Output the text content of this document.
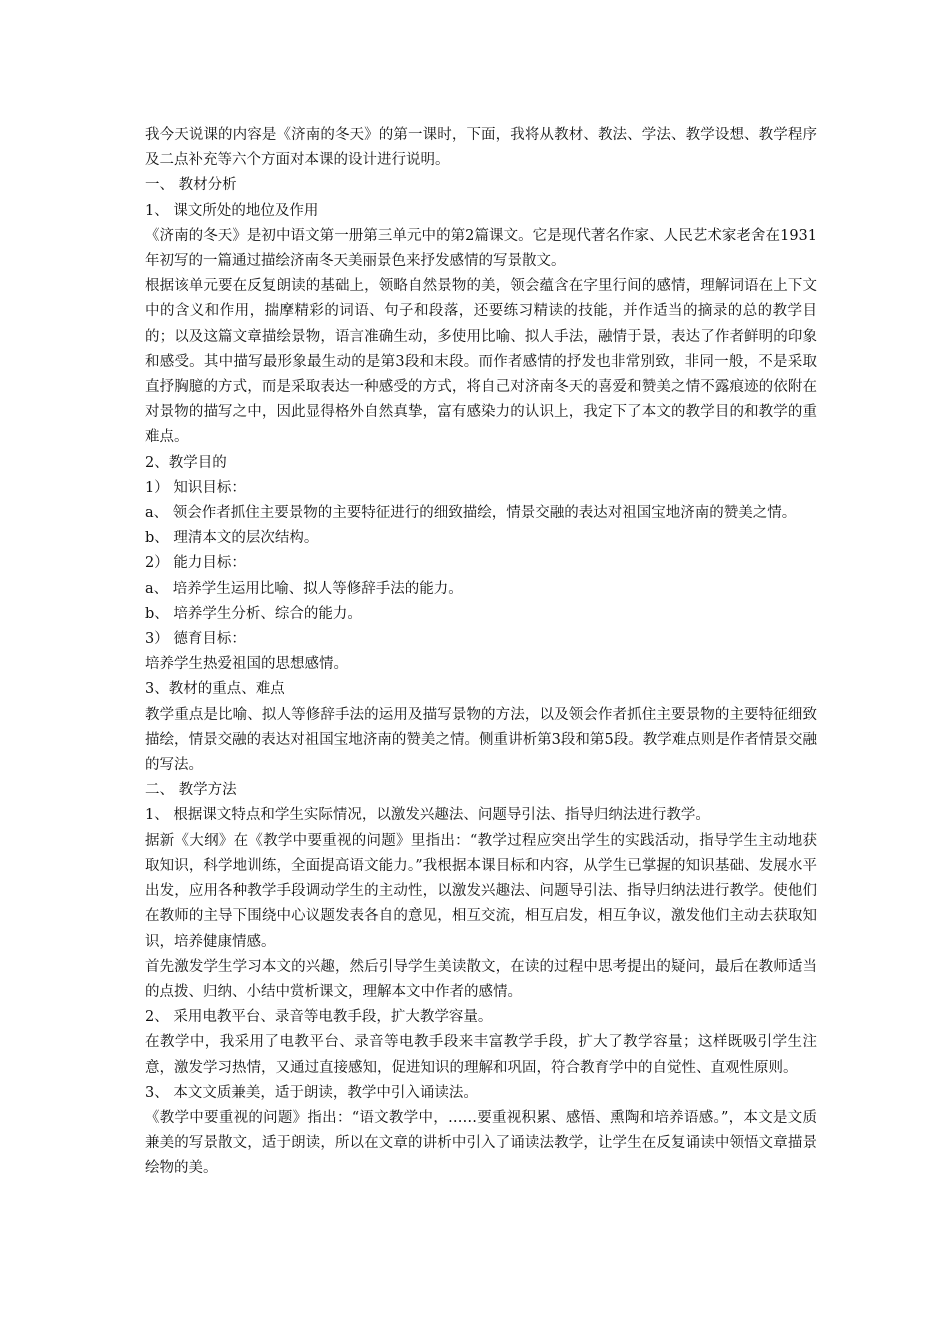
我今天说课的内容是《济南的冬天》的第一课时，下面，我将从教材、教法、学法、教学设想、教学程序及二点补充等六个方面对本课的设计进行说明。

一、 教材分析

1、 课文所处的地位及作用

《济南的冬天》是初中语文第一册第三单元中的第2篇课文。它是现代著名作家、人民艺术家老舍在1931年初写的一篇通过描绘济南冬天美丽景色来抒发感情的写景散文。

根据该单元要在反复朗读的基础上，领略自然景物的美，领会蕴含在字里行间的感情，理解词语在上下文中的含义和作用，揣摩精彩的词语、句子和段落，还要练习精读的技能，并作适当的摘录的总的教学目的；以及这篇文章描绘景物，语言准确生动，多使用比喻、拟人手法，融情于景，表达了作者鲜明的印象和感受。其中描写最形象最生动的是第3段和末段。而作者感情的抒发也非常别致，非同一般，不是采取直抒胸臆的方式，而是采取表达一种感受的方式，将自己对济南冬天的喜爱和赞美之情不露痕迹的依附在对景物的描写之中，因此显得格外自然真挚，富有感染力的认识上，我定下了本文的教学目的和教学的重难点。

2、教学目的

1） 知识目标：

a、 领会作者抓住主要景物的主要特征进行的细致描绘，情景交融的表达对祖国宝地济南的赞美之情。

b、 理清本文的层次结构。

2） 能力目标：

a、 培养学生运用比喻、拟人等修辞手法的能力。

b、 培养学生分析、综合的能力。

3） 德育目标：

培养学生热爱祖国的思想感情。

3、教材的重点、难点

教学重点是比喻、拟人等修辞手法的运用及描写景物的方法，以及领会作者抓住主要景物的主要特征细致描绘，情景交融的表达对祖国宝地济南的赞美之情。侧重讲析第3段和第5段。教学难点则是作者情景交融的写法。

二、 教学方法

1、 根据课文特点和学生实际情况，以激发兴趣法、问题导引法、指导归纳法进行教学。

据新《大纲》在《教学中要重视的问题》里指出：“教学过程应突出学生的实践活动，指导学生主动地获取知识，科学地训练，全面提高语文能力。”我根据本课目标和内容，从学生已掌握的知识基础、发展水平出发，应用各种教学手段调动学生的主动性，以激发兴趣法、问题导引法、指导归纳法进行教学。使他们在教师的主导下围绕中心议题发表各自的意见，相互交流，相互启发，相互争议，激发他们主动去获取知识，培养健康情感。

首先激发学生学习本文的兴趣，然后引导学生美读散文，在读的过程中思考提出的疑问，最后在教师适当的点拨、归纳、小结中赏析课文，理解本文中作者的感情。

2、 采用电教平台、录音等电教手段，扩大教学容量。

在教学中，我采用了电教平台、录音等电教手段来丰富教学手段，扩大了教学容量；这样既吸引学生注意，激发学习热情，又通过直接感知，促进知识的理解和巩固，符合教育学中的自觉性、直观性原则。

3、 本文文质兼美，适于朗读，教学中引入诵读法。

《教学中要重视的问题》指出：“语文教学中，……要重视积累、感悟、熏陶和培养语感。”，本文是文质兼美的写景散文，适于朗读，所以在文章的讲析中引入了诵读法教学，让学生在反复诵读中领悟文章描景绘物的美。
